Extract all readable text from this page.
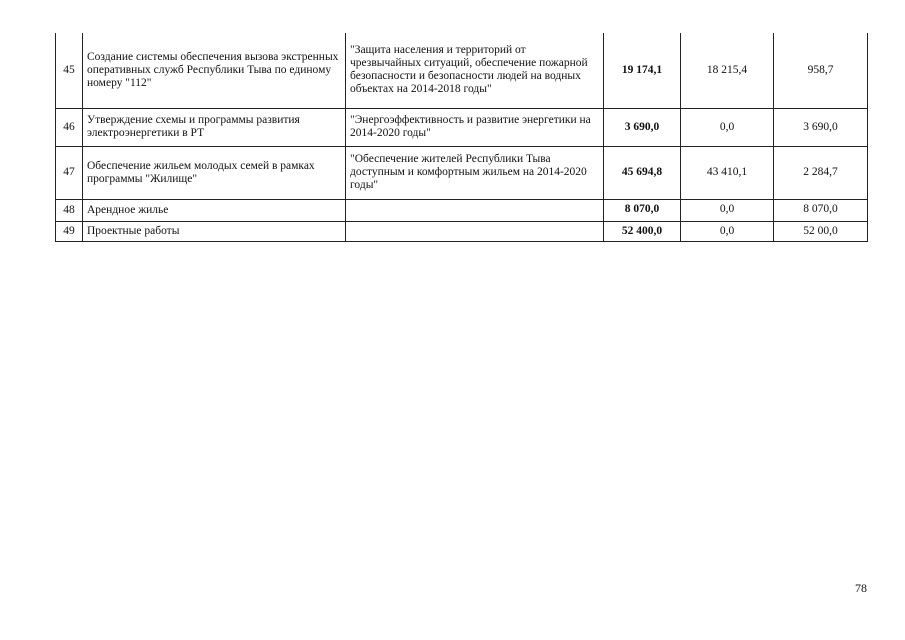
45	Создание системы обеспечения вызова экстренных оперативных служб Республики Тыва по единому номеру "112"	"Защита населения и территорий от чрезвычайных ситуаций, обеспечение пожарной безопасности и безопасности людей на водных объектах на 2014-2018 годы"	19 174,1	18 215,4	958,7
46	Утверждение схемы и программы развития электроэнергетики в РТ	"Энергоэффективность и развитие энергетики на 2014-2020 годы"	3 690,0	0,0	3 690,0
47	Обеспечение жильем молодых семей в рамках программы "Жилище"	"Обеспечение жителей Республики Тыва доступным и комфортным жильем на 2014-2020 годы"	45 694,8	43 410,1	2 284,7
48	Арендное жилье		8 070,0	0,0	8 070,0
49	Проектные работы		52 400,0	0,0	52 00,0
78
